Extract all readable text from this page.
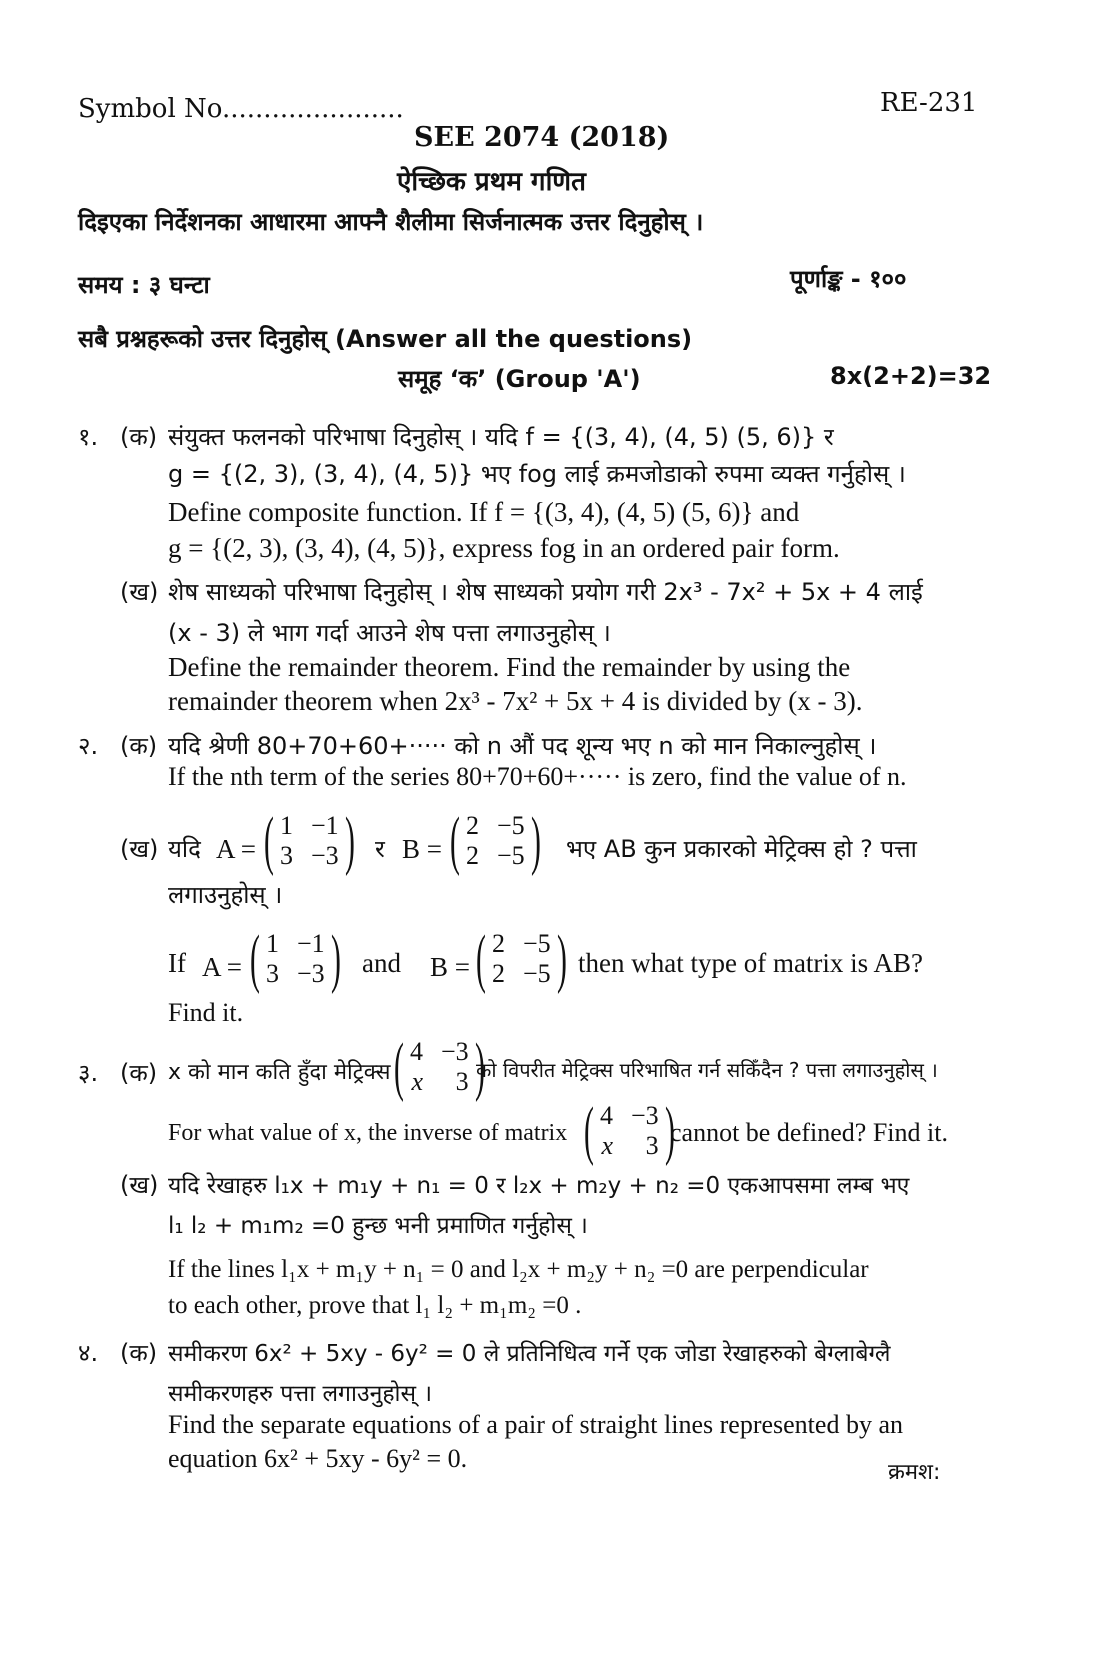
Symbol No......................	RE-231
SEE 2074 (2018)
ऐच्छिक प्रथम गणित
दिइएका निर्देशनका आधारमा आफ्नै शैलीमा सिर्जनात्मक उत्तर दिनुहोस् ।
समय : ३ घन्टा	पूर्णाङ्क - १००
सबै प्रश्नहरूको उत्तर दिनुहोस् (Answer all the questions)
समूह ‘क’ (Group 'A')	8x(2+2)=32
१. (क) संयुक्त फलनको परिभाषा दिनुहोस् । यदि f = {(3, 4), (4, 5) (5, 6)} र
g = {(2, 3), (3, 4), (4, 5)} भए fog लाई क्रमजोडाको रुपमा व्यक्त गर्नुहोस् ।
Define composite function. If f = {(3, 4), (4, 5) (5, 6)} and
g = {(2, 3), (3, 4), (4, 5)}, express fog in an ordered pair form.
(ख) शेष साध्यको परिभाषा दिनुहोस् । शेष साध्यको प्रयोग गरी 2x³ - 7x² + 5x + 4 लाई
(x - 3) ले भाग गर्दा आउने शेष पत्ता लगाउनुहोस् ।
Define the remainder theorem. Find the remainder by using the
remainder theorem when 2x³ - 7x² + 5x + 4 is divided by (x - 3).
२. (क) यदि श्रेणी 80+70+60+····· को n औं पद शून्य भए n को मान निकाल्नुहोस् ।
If the nth term of the series 80+70+60+····· is zero, find the value of n.
(ख) यदि A = ( 1 −1
3 −3 ) र B = ( 2 −5
2 −5 ) भए AB कुन प्रकारको मेट्रिक्स हो ? पत्ता
लगाउनुहोस् ।
If A = ( 1 −1
3 −3 ) and B = ( 2 −5
2 −5 ) then what type of matrix is AB?
Find it.
३. (क) x को मान कति हुँदा मेट्रिक्स ( 4 −3
x	3 )
को विपरीत मेट्रिक्स परिभाषित गर्न सकिँदैन ? पत्ता लगाउनुहोस् ।
For what value of x, the inverse of matrix ( 4 −3
x	3 )
cannot be defined? Find it.
(ख) यदि रेखाहरु l₁x + m₁y + n₁ = 0 र l₂x + m₂y + n₂ =0 एकआपसमा लम्ब भए
l₁ l₂ + m₁m₂ =0 हुन्छ भनी प्रमाणित गर्नुहोस् ।
If the lines l₁x + m₁y + n₁ = 0 and l₂x + m₂y + n₂ =0 are perpendicular
to each other, prove that l₁ l₂ + m₁m₂ =0 .
४. (क) समीकरण 6x² + 5xy - 6y² = 0 ले प्रतिनिधित्व गर्ने एक जोडा रेखाहरुको बेग्लाबेग्लै
समीकरणहरु पत्ता लगाउनुहोस् ।
Find the separate equations of a pair of straight lines represented by an
equation 6x² + 5xy - 6y² = 0.	क्रमश:
